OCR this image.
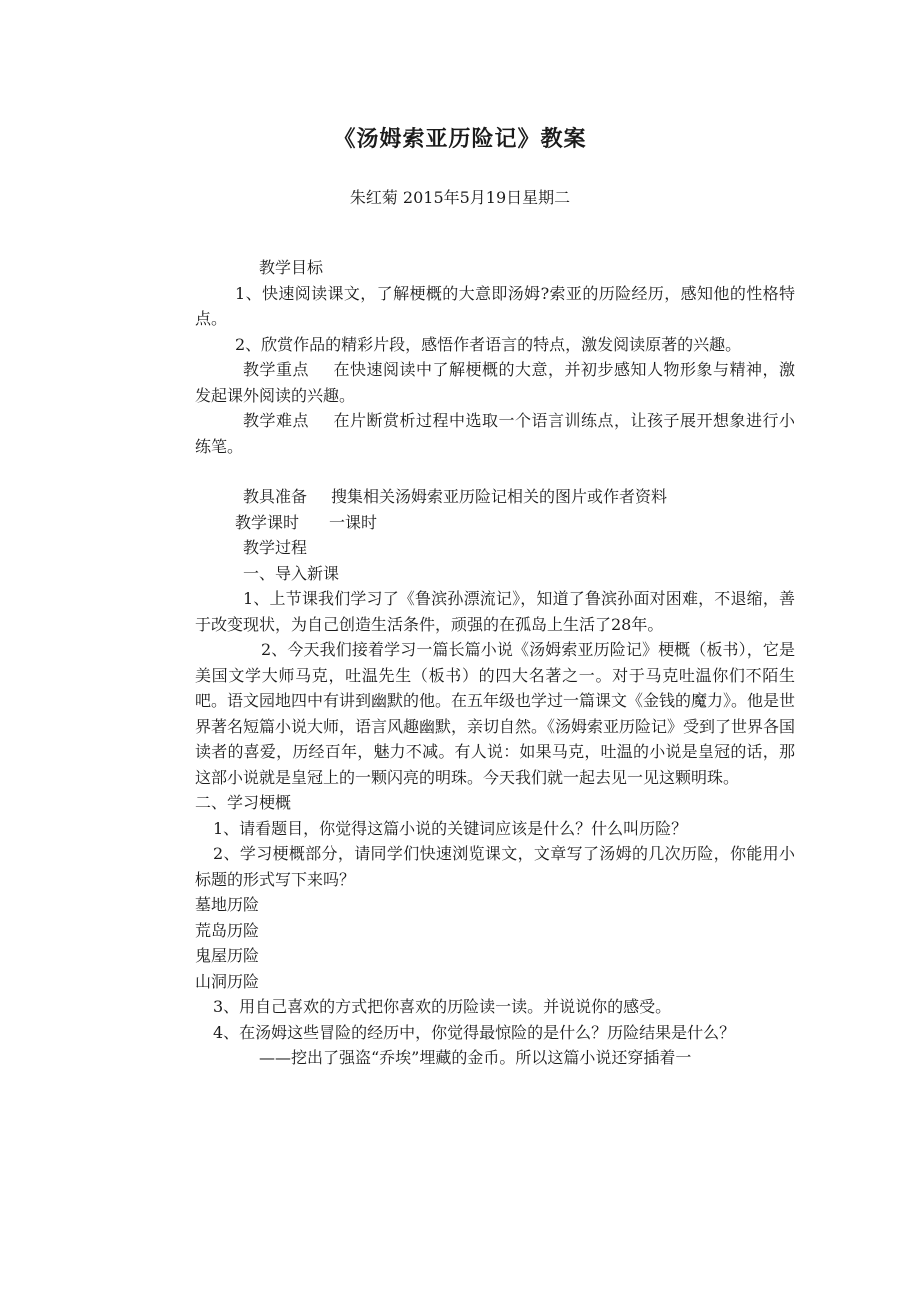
《汤姆索亚历险记》教案
朱红菊 2015年5月19日星期二

教学目标

1、快速阅读课文，了解梗概的大意即汤姆?索亚的历险经历，感知他的性格特点。

2、欣赏作品的精彩片段，感悟作者语言的特点，激发阅读原著的兴趣。

教学重点 在快速阅读中了解梗概的大意，并初步感知人物形象与精神，激发起课外阅读的兴趣。

教学难点 在片断赏析过程中选取一个语言训练点，让孩子展开想象进行小练笔。

教具准备 搜集相关汤姆索亚历险记相关的图片或作者资料

教学课时 一课时

教学过程

一、导入新课

1、上节课我们学习了《鲁滨孙漂流记》，知道了鲁滨孙面对困难，不退缩，善于改变现状，为自己创造生活条件，顽强的在孤岛上生活了28年。

2、今天我们接着学习一篇长篇小说《汤姆索亚历险记》梗概（板书），它是美国文学大师马克，吐温先生（板书）的四大名著之一。对于马克吐温你们不陌生吧。语文园地四中有讲到幽默的他。在五年级也学过一篇课文《金钱的魔力》。他是世界著名短篇小说大师，语言风趣幽默，亲切自然。《汤姆索亚历险记》受到了世界各国读者的喜爱，历经百年，魅力不减。有人说：如果马克，吐温的小说是皇冠的话，那这部小说就是皇冠上的一颗闪亮的明珠。今天我们就一起去见一见这颗明珠。

二、学习梗概

1、请看题目，你觉得这篇小说的关键词应该是什么？什么叫历险？

2、学习梗概部分，请同学们快速浏览课文，文章写了汤姆的几次历险，你能用小标题的形式写下来吗？

墓地历险

荒岛历险

鬼屋历险

山洞历险

3、用自己喜欢的方式把你喜欢的历险读一读。并说说你的感受。

4、在汤姆这些冒险的经历中，你觉得最惊险的是什么？历险结果是什么？

——挖出了强盗“乔埃”埋藏的金币。所以这篇小说还穿插着一
